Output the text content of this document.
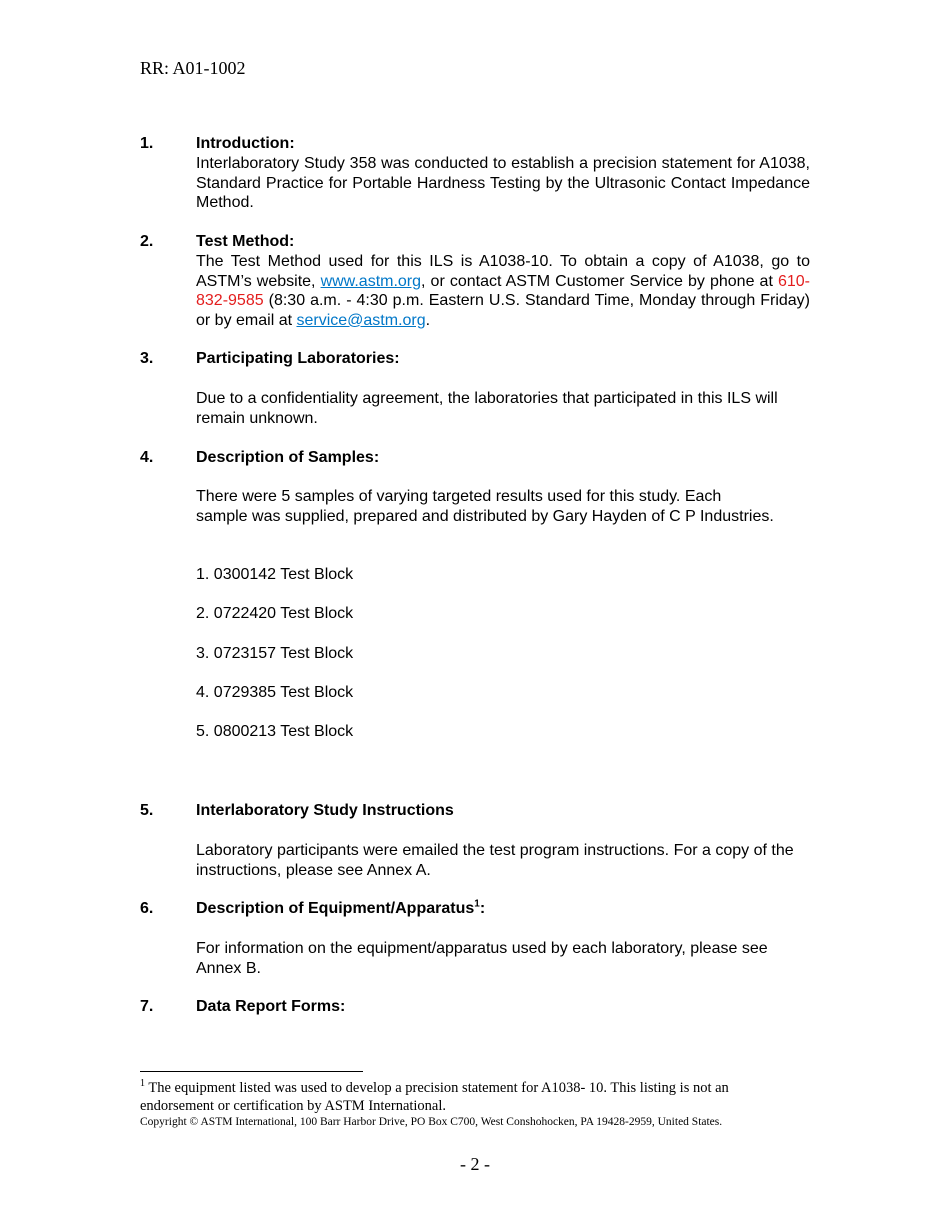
RR: A01-1002
1.	Introduction:
Interlaboratory Study 358 was conducted to establish a precision statement for A1038, Standard Practice for Portable Hardness Testing by the Ultrasonic Contact Impedance Method.
2.	Test Method:
The Test Method used for this ILS is A1038-10. To obtain a copy of A1038, go to ASTM’s website, www.astm.org, or contact ASTM Customer Service by phone at 610-832-9585 (8:30 a.m. - 4:30 p.m. Eastern U.S. Standard Time, Monday through Friday) or by email at service@astm.org.
3.	Participating Laboratories:
Due to a confidentiality agreement, the laboratories that participated in this ILS will remain unknown.
4.	Description of Samples:
There were 5 samples of varying targeted results used for this study. Each sample was supplied, prepared and distributed by Gary Hayden of C P Industries.
1. 0300142 Test Block
2. 0722420 Test Block
3. 0723157 Test Block
4. 0729385 Test Block
5. 0800213 Test Block
5.	Interlaboratory Study Instructions
Laboratory participants were emailed the test program instructions. For a copy of the instructions, please see Annex A.
6.	Description of Equipment/Apparatus$^1$:
For information on the equipment/apparatus used by each laboratory, please see Annex B.
7.	Data Report Forms:
$^1$ The equipment listed was used to develop a precision statement for A1038- 10. This listing is not an endorsement or certification by ASTM International.
Copyright © ASTM International, 100 Barr Harbor Drive, PO Box C700, West Conshohocken, PA 19428-2959, United States.
- 2 -
